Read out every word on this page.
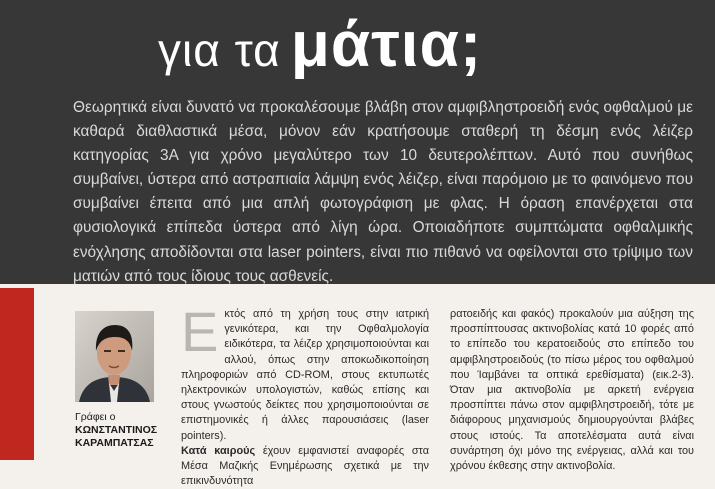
για τα μάτια;

Θεωρητικά είναι δυνατό να προκαλέσουμε βλάβη στον αμφιβληστροειδή ενός οφθαλμού με καθαρά διαθλαστικά μέσα, μόνον εάν κρατήσουμε σταθερή τη δέσμη ενός λέιζερ κατηγορίας 3Α για χρόνο μεγαλύτερο των 10 δευτερολέπτων. Αυτό που συνήθως συμβαίνει, ύστερα από αστραπιαία λάμψη ενός λέιζερ, είναι παρόμοιο με το φαινόμενο που συμβαίνει έπειτα από μια απλή φωτογράφιση με φλας. Η όραση επανέρχεται στα φυσιολογικά επίπεδα ύστερα από λίγη ώρα. Οποιαδήποτε συμπτώματα οφθαλμικής ενόχλησης αποδίδονται στα laser pointers, είναι πιο πιθανό να οφείλονται στο τρίψιμο των ματιών από τους ίδιους τους ασθενείς.

Γράφει ο
ΚΩΝΣΤΑΝΤΙΝΟΣ ΚΑΡΑΜΠΑΤΣΑΣ
Ε κτός από τη χρήση τους στην ιατρική γενικότερα, και την Οφθαλμολογία ειδικότερα, τα λέιζερ χρησιμοποιούνται και αλλού, όπως στην αποκωδικοποίηση πληροφοριών από CD-ROM, στους εκτυπωτές ηλεκτρονικών υπολογιστών, καθώς επίσης και στους γνωστούς δείκτες που χρησιμοποιούνται σε επιστημονικές ή άλλες παρουσιάσεις (laser pointers).

Κατά καιρούς έχουν εμφανιστεί αναφορές στα Μέσα Μαζικής Ενημέρωσης σχετικά με την επικινδυνότητα

ρατοειδής και φακός) προκαλούν μια αύξηση της προσπίπτουσας ακτινοβολίας κατά 10 φορές από το επίπεδο του κερατοειδούς στο επίπεδο του αμφιβληστροειδούς (το πίσω μέρος του οφθαλμού που Ίαμβάνει τα οπτικά ερεθίσματα) (εικ.2-3). Όταν μια ακτινοβολία με αρκετή ενέργεια προσπίπτει πάνω στον αμφιβληστροειδή, τότε με διάφορους μηχανισμούς δημιουργούνται βλάβες στους ιστούς. Τα αποτελέσματα αυτά είναι συνάρτηση όχι μόνο της ενέργειας, αλλά και του χρόνου έκθεσης στην ακτινοβολία.
